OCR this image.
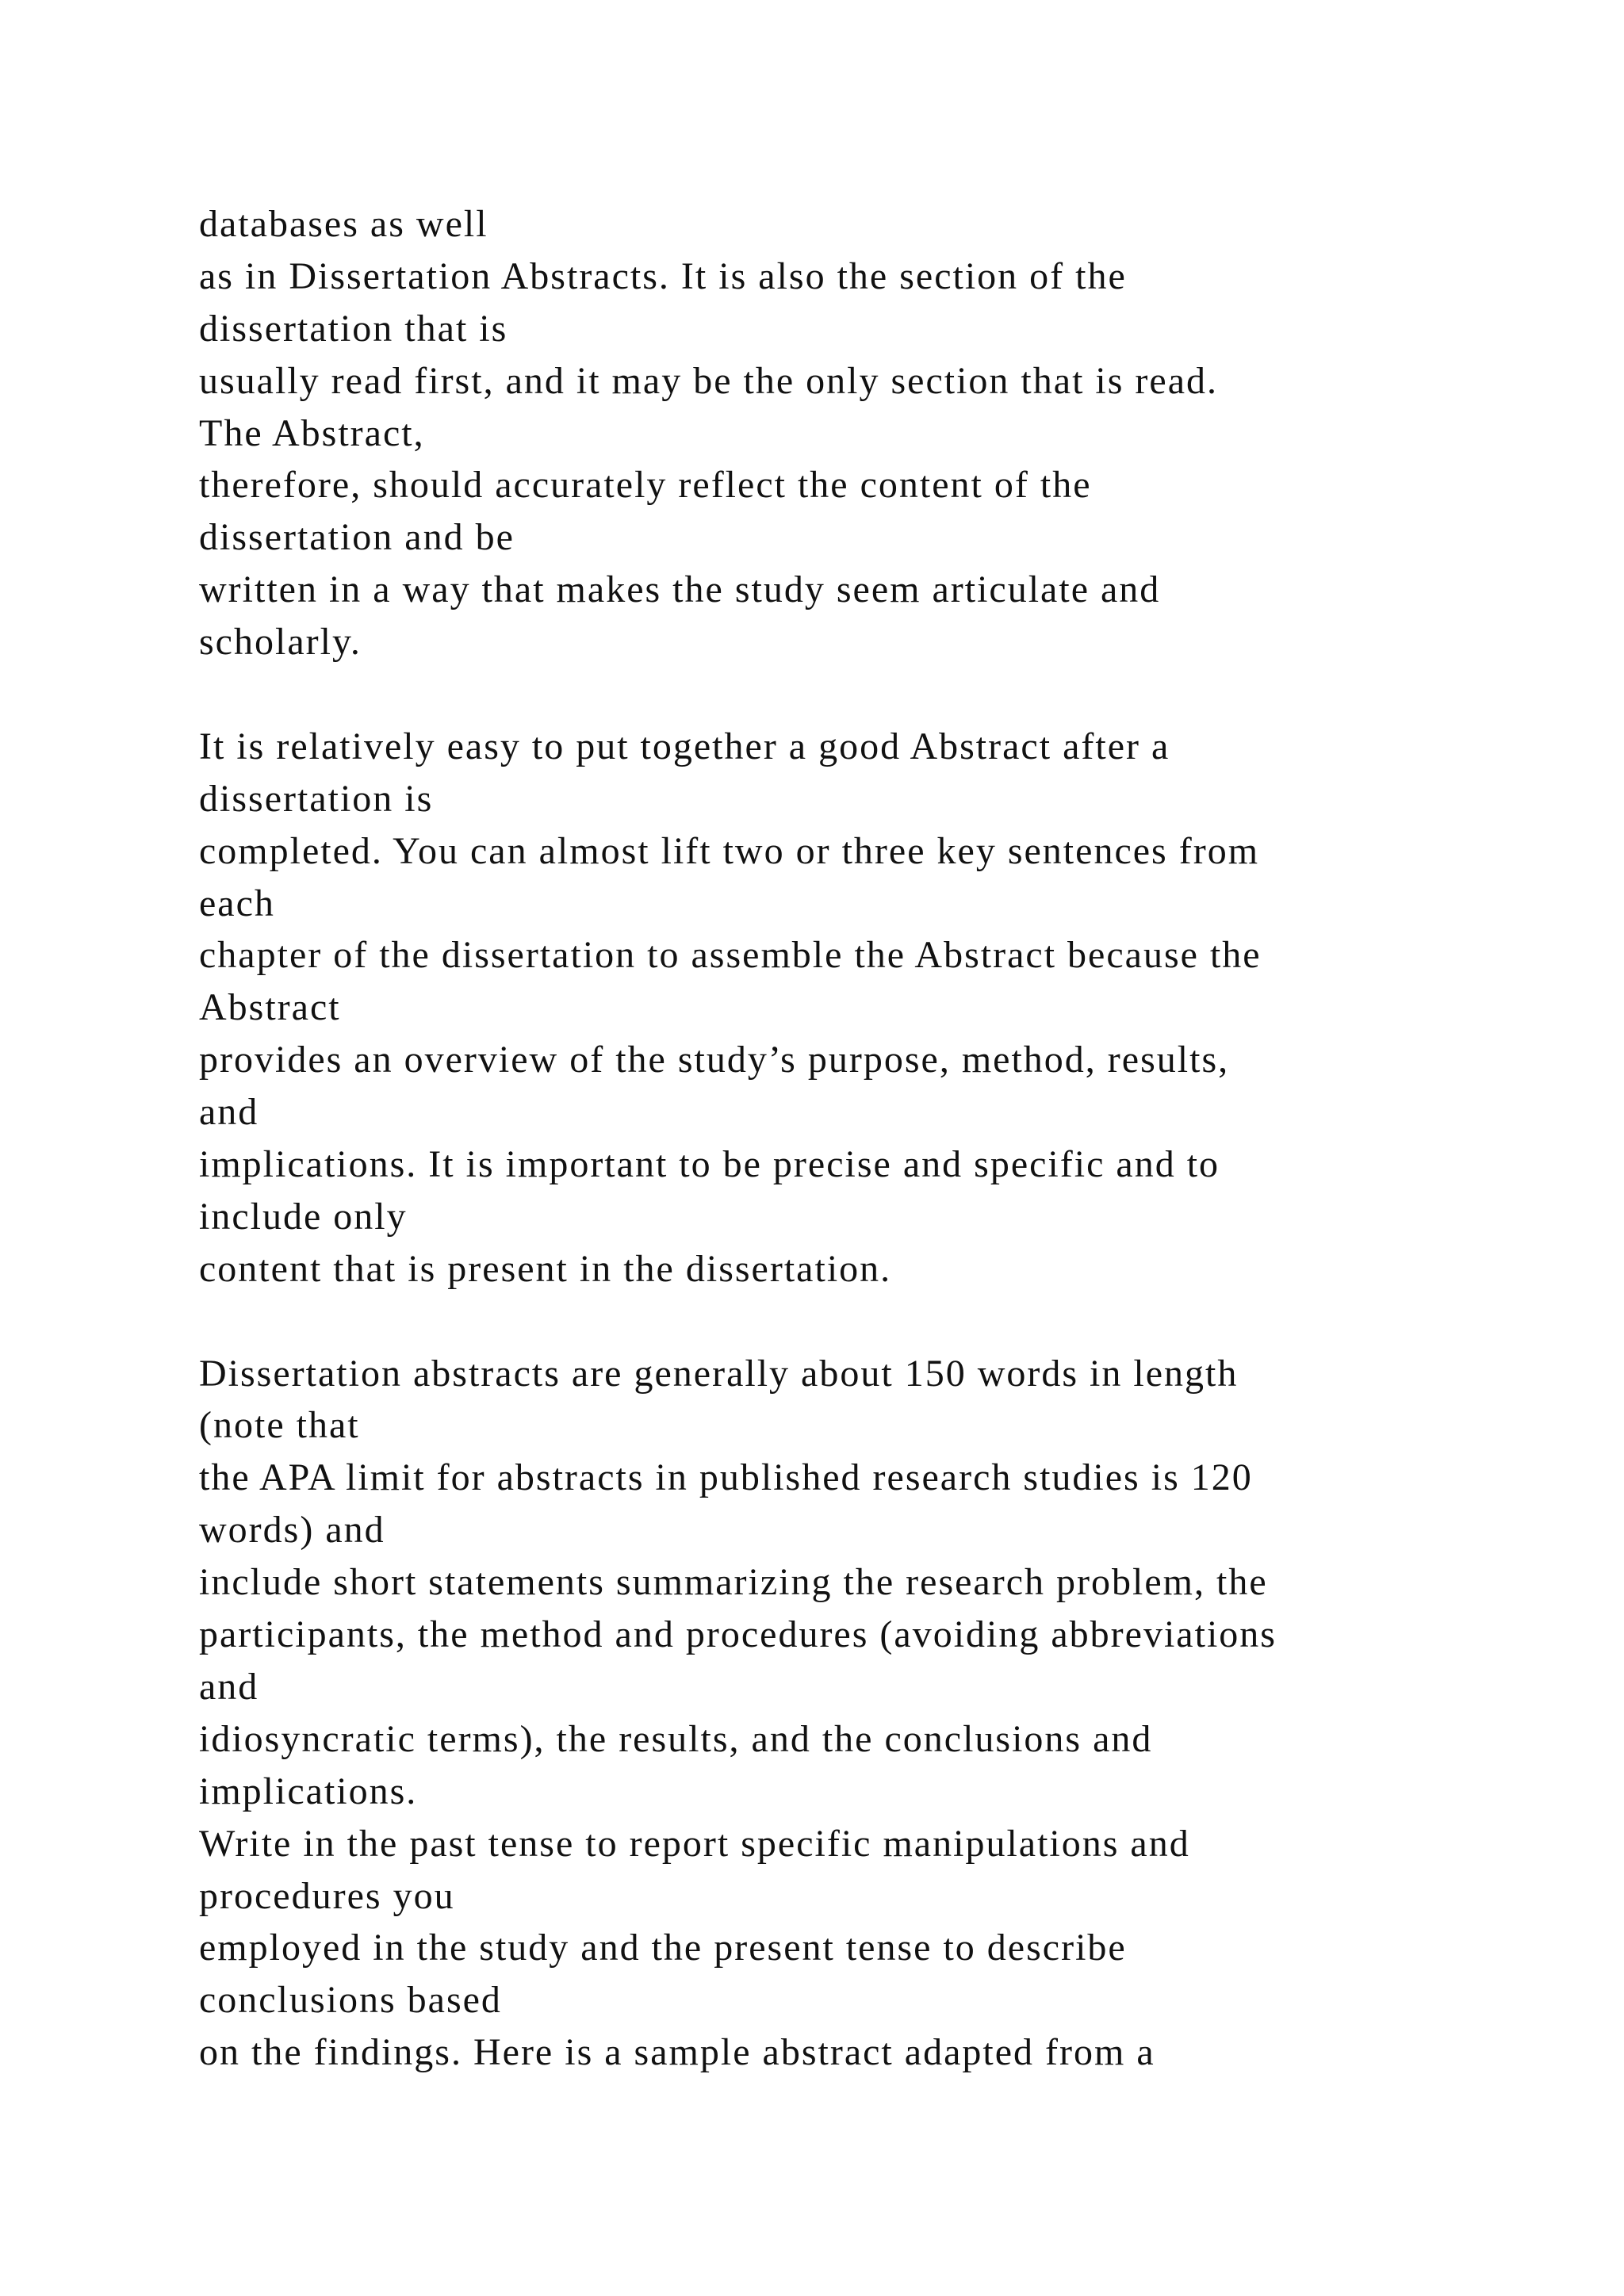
databases as well
as in Dissertation Abstracts. It is also the section of the
dissertation that is
usually read first, and it may be the only section that is read.
The Abstract,
therefore, should accurately reflect the content of the
dissertation and be
written in a way that makes the study seem articulate and
scholarly.
It is relatively easy to put together a good Abstract after a
dissertation is
completed. You can almost lift two or three key sentences from
each
chapter of the dissertation to assemble the Abstract because the
Abstract
provides an overview of the study’s purpose, method, results,
and
implications. It is important to be precise and specific and to
include only
content that is present in the dissertation.
Dissertation abstracts are generally about 150 words in length
(note that
the APA limit for abstracts in published research studies is 120
words) and
include short statements summarizing the research problem, the
participants, the method and procedures (avoiding abbreviations
and
idiosyncratic terms), the results, and the conclusions and
implications.
Write in the past tense to report specific manipulations and
procedures you
employed in the study and the present tense to describe
conclusions based
on the findings. Here is a sample abstract adapted from a
